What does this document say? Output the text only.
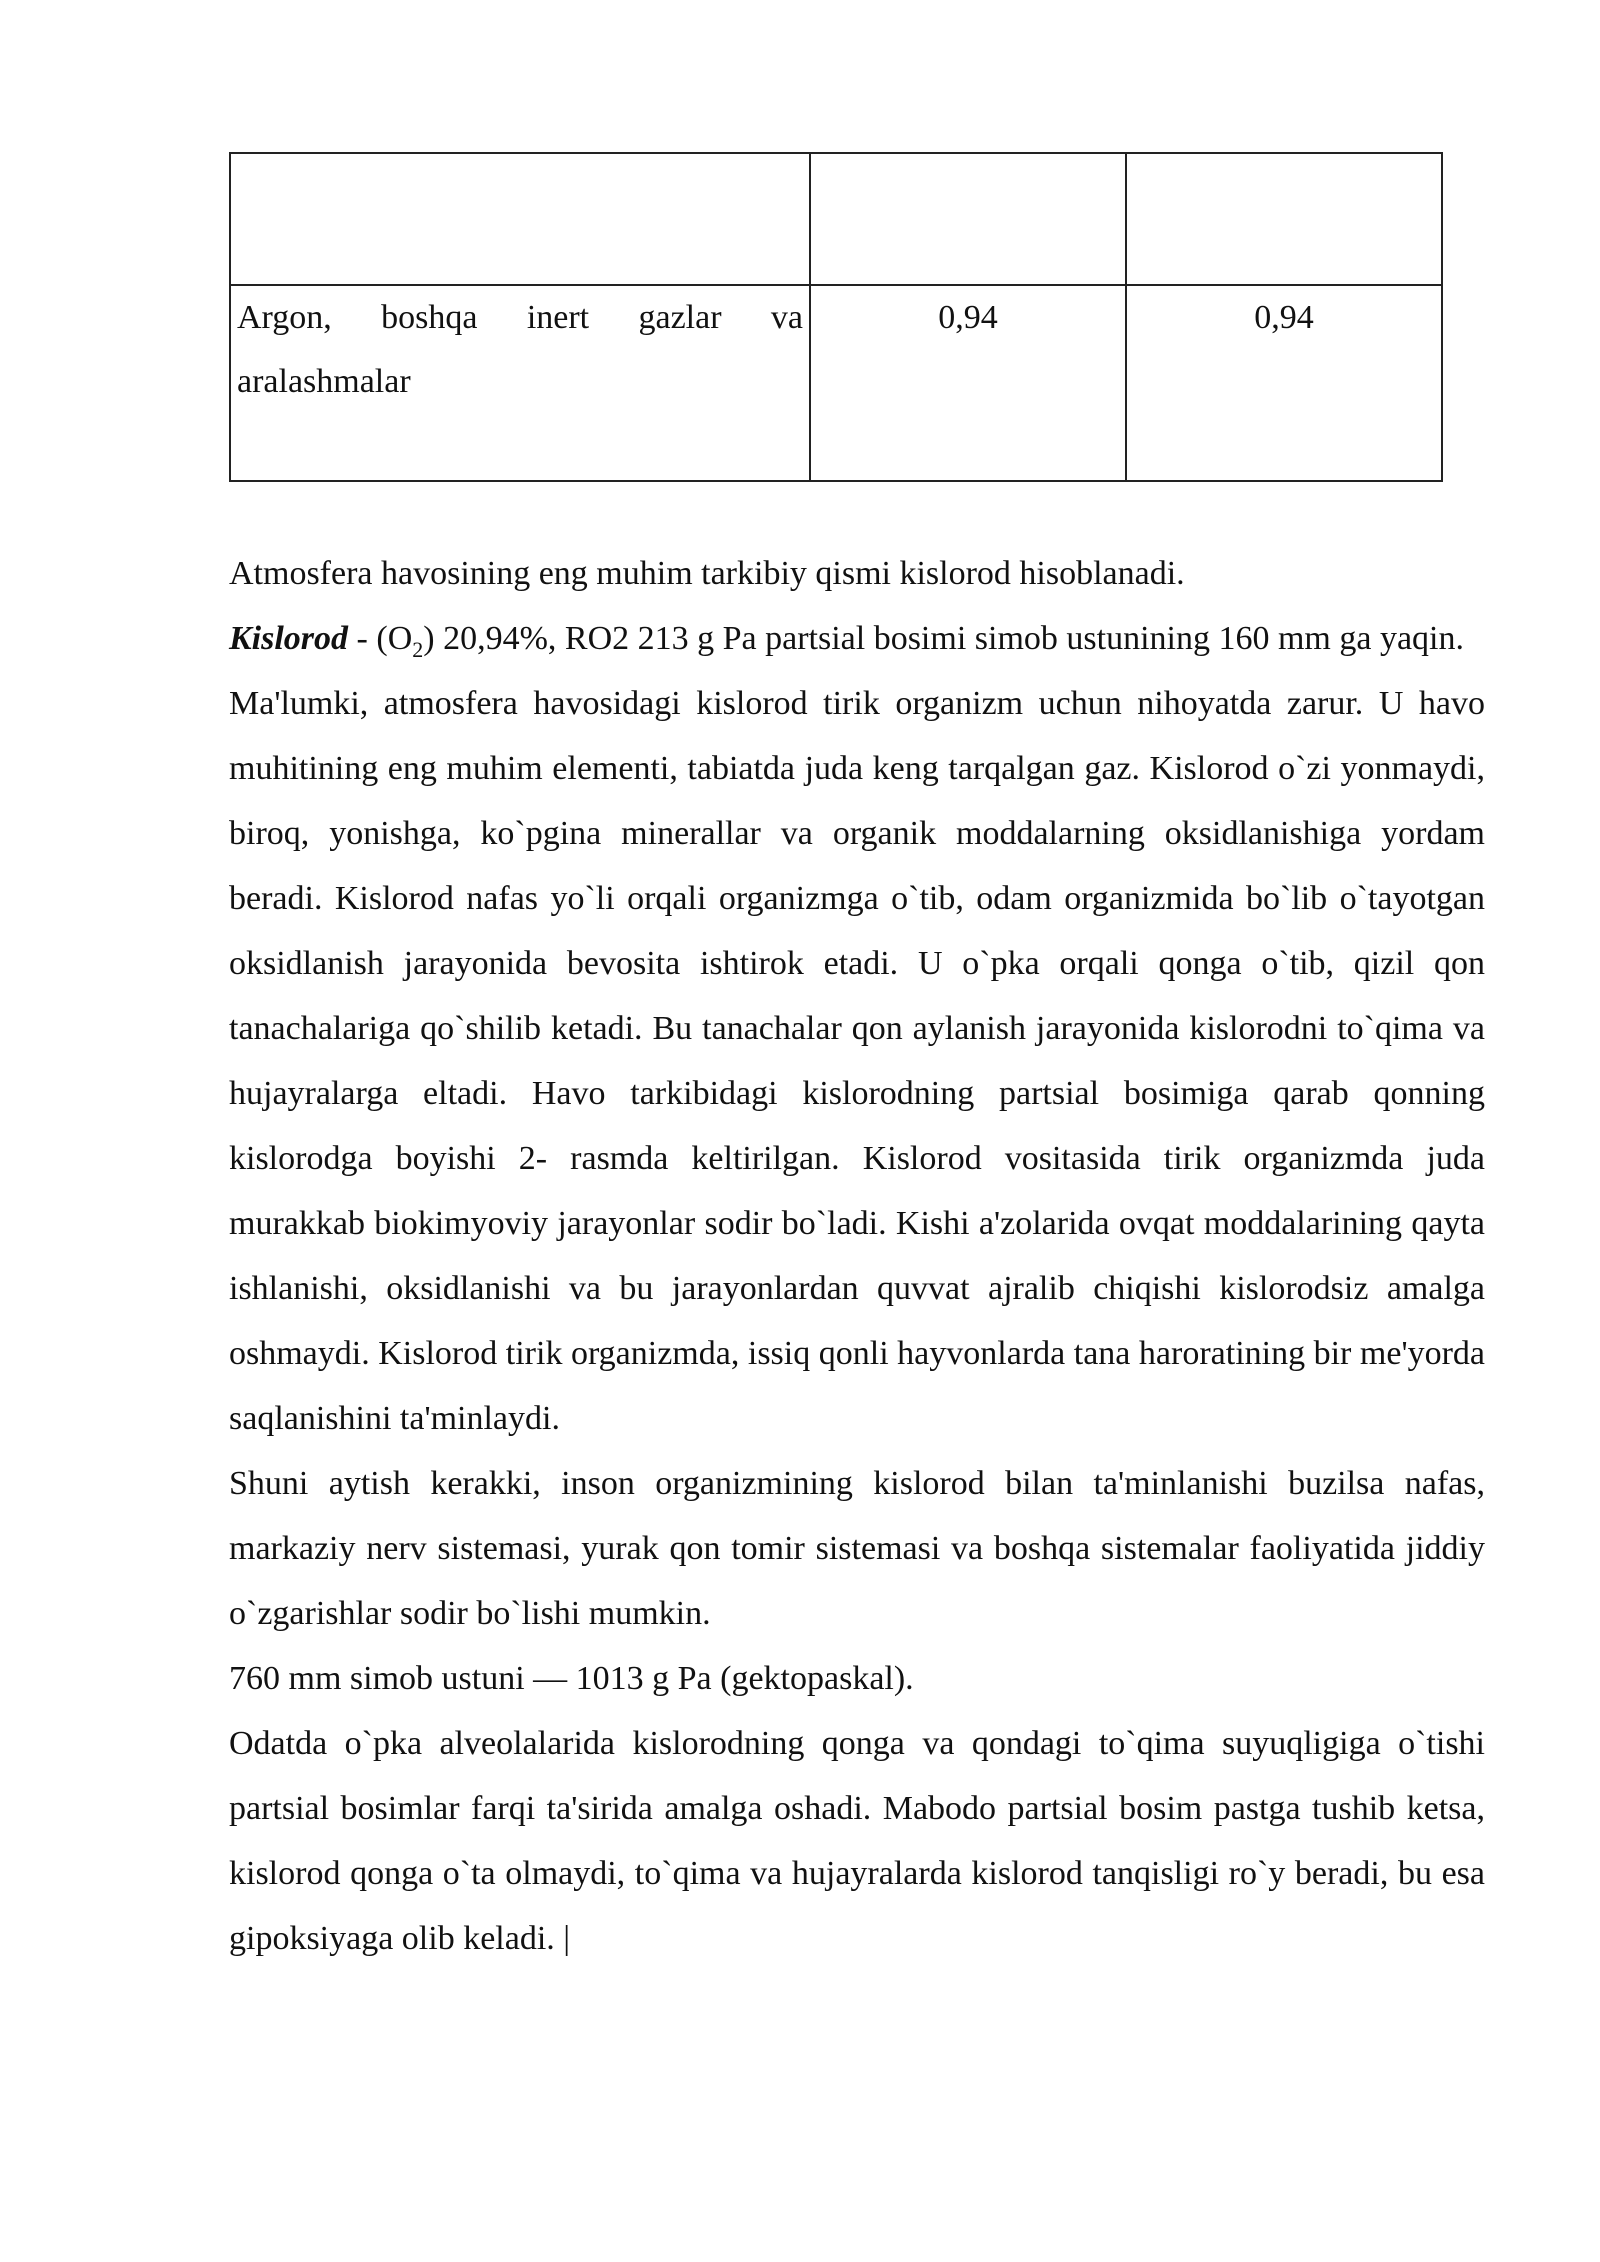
Argon, boshqa inert gazlar va aralashmalar	0,94	0,94

Atmosfera havosining eng muhim tarkibiy qismi kislorod hisoblanadi.

Kislorod - $(O_2)$ 20,94%, RO2 213 g Pa partsial bosimi simob ustunining 160 mm ga yaqin.

Ma'lumki, atmosfera havosidagi kislorod tirik organizm uchun nihoyatda zarur. U havo muhitining eng muhim elementi, tabiatda juda keng tarqalgan gaz. Kislorod o`zi yonmaydi, biroq, yonishga, ko`pgina minerallar va organik moddalarning oksidlanishiga yordam beradi. Kislorod nafas yo`li orqali organizmga o`tib, odam organizmida bo`lib o`tayotgan oksidlanish jarayonida bevosita ishtirok etadi. U o`pka orqali qonga o`tib, qizil qon tanachalariga qo`shilib ketadi. Bu tanachalar qon aylanish jarayonida kislorodni to`qima va hujayralarga eltadi. Havo tarkibidagi kislorodning partsial bosimiga qarab qonning kislorodga boyishi 2- rasmda keltirilgan. Kislorod vositasida tirik organizmda juda murakkab biokimyoviy jarayonlar sodir bo`ladi. Kishi a'zolarida ovqat moddalarining qayta ishlanishi, oksidlanishi va bu jarayonlardan quvvat ajralib chiqishi kislorodsiz amalga oshmaydi. Kislorod tirik organizmda, issiq qonli hayvonlarda tana haroratining bir me'yorda saqlanishini ta'minlaydi.

Shuni aytish kerakki, inson organizmining kislorod bilan ta'minlanishi buzilsa nafas, markaziy nerv sistemasi, yurak qon tomir sistemasi va boshqa sistemalar faoliyatida jiddiy o`zgarishlar sodir bo`lishi mumkin.

760 mm simob ustuni — 1013 g Pa (gektopaskal).

Odatda o`pka alveolalarida kislorodning qonga va qondagi to`qima suyuqligiga o`tishi partsial bosimlar farqi ta'sirida amalga oshadi. Mabodo partsial bosim pastga tushib ketsa, kislorod qonga o`ta olmaydi, to`qima va hujayralarda kislorod tanqisligi ro`y beradi, bu esa gipoksiyaga olib keladi. |
